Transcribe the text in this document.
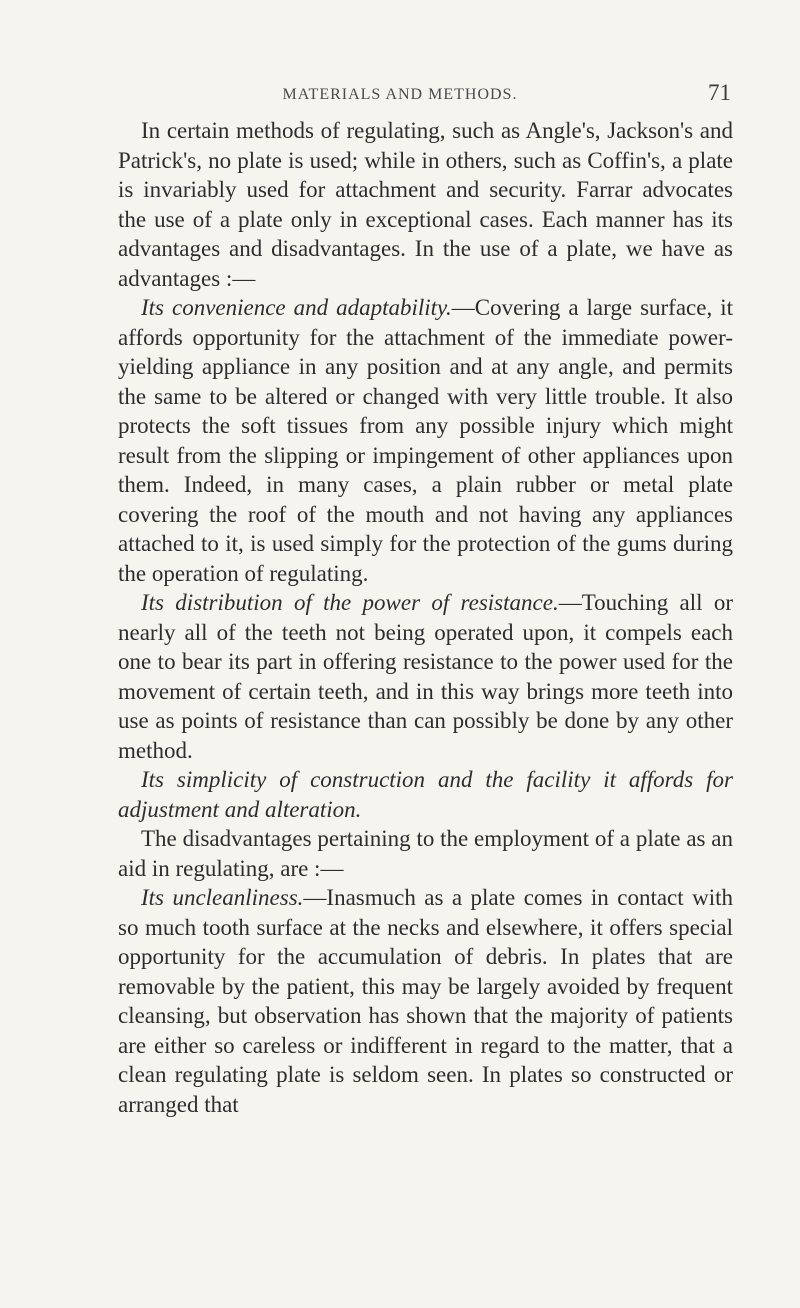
MATERIALS AND METHODS.	71

In certain methods of regulating, such as Angle's, Jackson's and Patrick's, no plate is used; while in others, such as Coffin's, a plate is invariably used for attachment and security. Farrar advocates the use of a plate only in exceptional cases. Each manner has its advantages and disadvantages. In the use of a plate, we have as advantages :—

Its convenience and adaptability.—Covering a large surface, it affords opportunity for the attachment of the immediate power-yielding appliance in any position and at any angle, and permits the same to be altered or changed with very little trouble. It also protects the soft tissues from any possible injury which might result from the slipping or impingement of other appliances upon them. Indeed, in many cases, a plain rubber or metal plate covering the roof of the mouth and not having any appliances attached to it, is used simply for the protection of the gums during the operation of regulating.

Its distribution of the power of resistance.—Touching all or nearly all of the teeth not being operated upon, it compels each one to bear its part in offering resistance to the power used for the movement of certain teeth, and in this way brings more teeth into use as points of resistance than can possibly be done by any other method.

Its simplicity of construction and the facility it affords for adjustment and alteration.

The disadvantages pertaining to the employment of a plate as an aid in regulating, are :—

Its uncleanliness.—Inasmuch as a plate comes in contact with so much tooth surface at the necks and elsewhere, it offers special opportunity for the accumulation of debris. In plates that are removable by the patient, this may be largely avoided by frequent cleansing, but observation has shown that the majority of patients are either so careless or indifferent in regard to the matter, that a clean regulating plate is seldom seen. In plates so constructed or arranged that
